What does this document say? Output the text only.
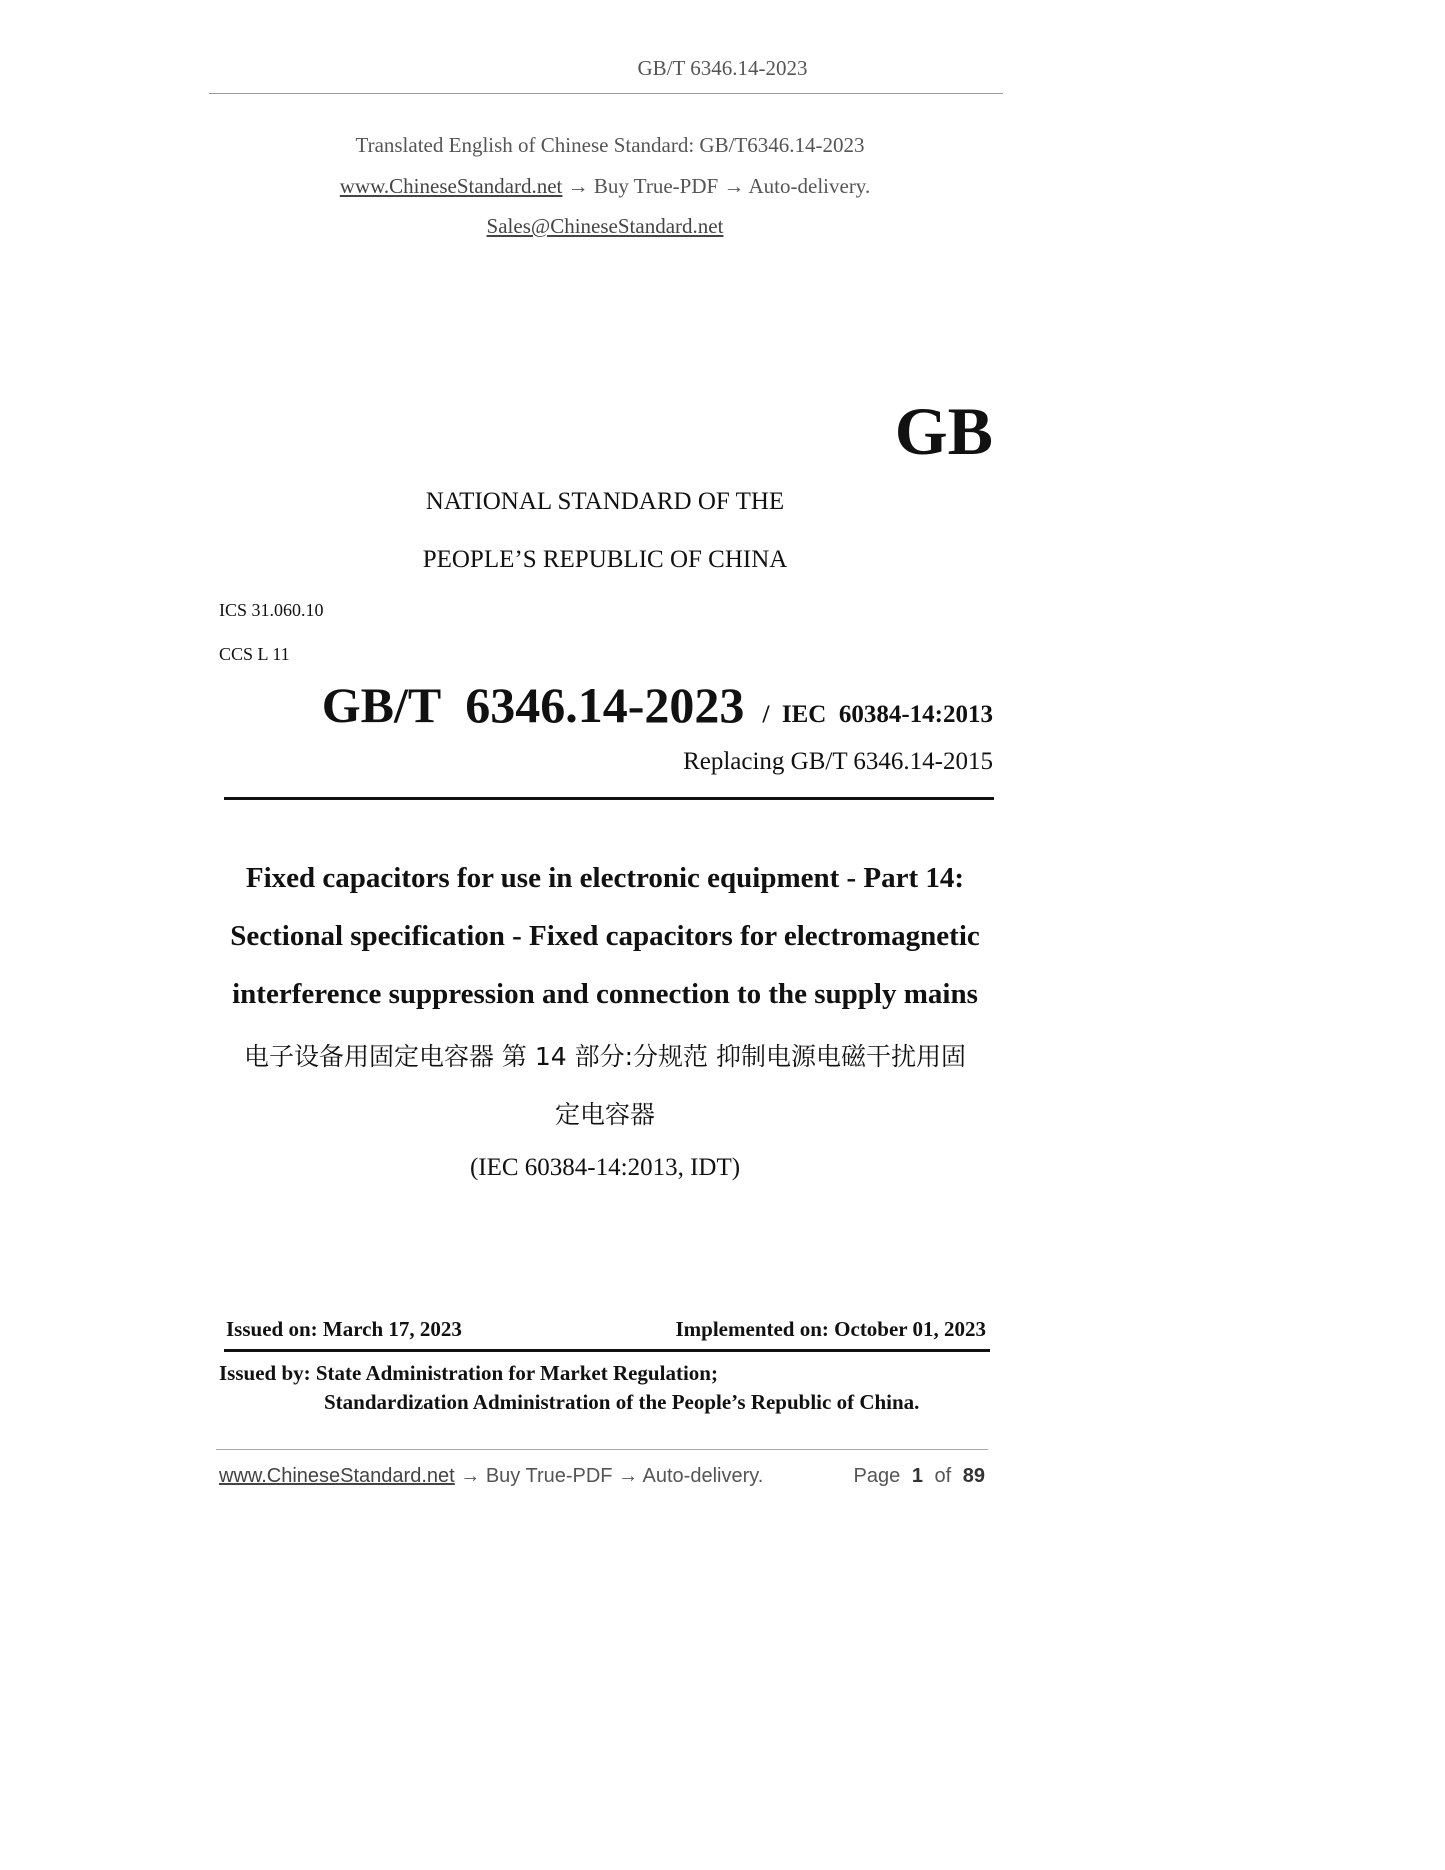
GB/T 6346.14-2023
Translated English of Chinese Standard: GB/T6346.14-2023
www.ChineseStandard.net → Buy True-PDF → Auto-delivery.
Sales@ChineseStandard.net
GB
NATIONAL STANDARD OF THE
PEOPLE’S REPUBLIC OF CHINA
ICS 31.060.10
CCS L 11
GB/T  6346.14-2023 /  IEC  60384-14:2013
Replacing GB/T 6346.14-2015
Fixed capacitors for use in electronic equipment - Part 14:
Sectional specification - Fixed capacitors for electromagnetic
interference suppression and connection to the supply mains
电子设备用固定电容器 第 14 部分:分规范 抑制电源电磁干扰用固
定电容器
(IEC 60384-14:2013, IDT)
Issued on: March 17, 2023	Implemented on: October 01, 2023
Issued by: State Administration for Market Regulation;
Standardization Administration of the People’s Republic of China.
www.ChineseStandard.net → Buy True-PDF → Auto-delivery.	Page 1 of 89
